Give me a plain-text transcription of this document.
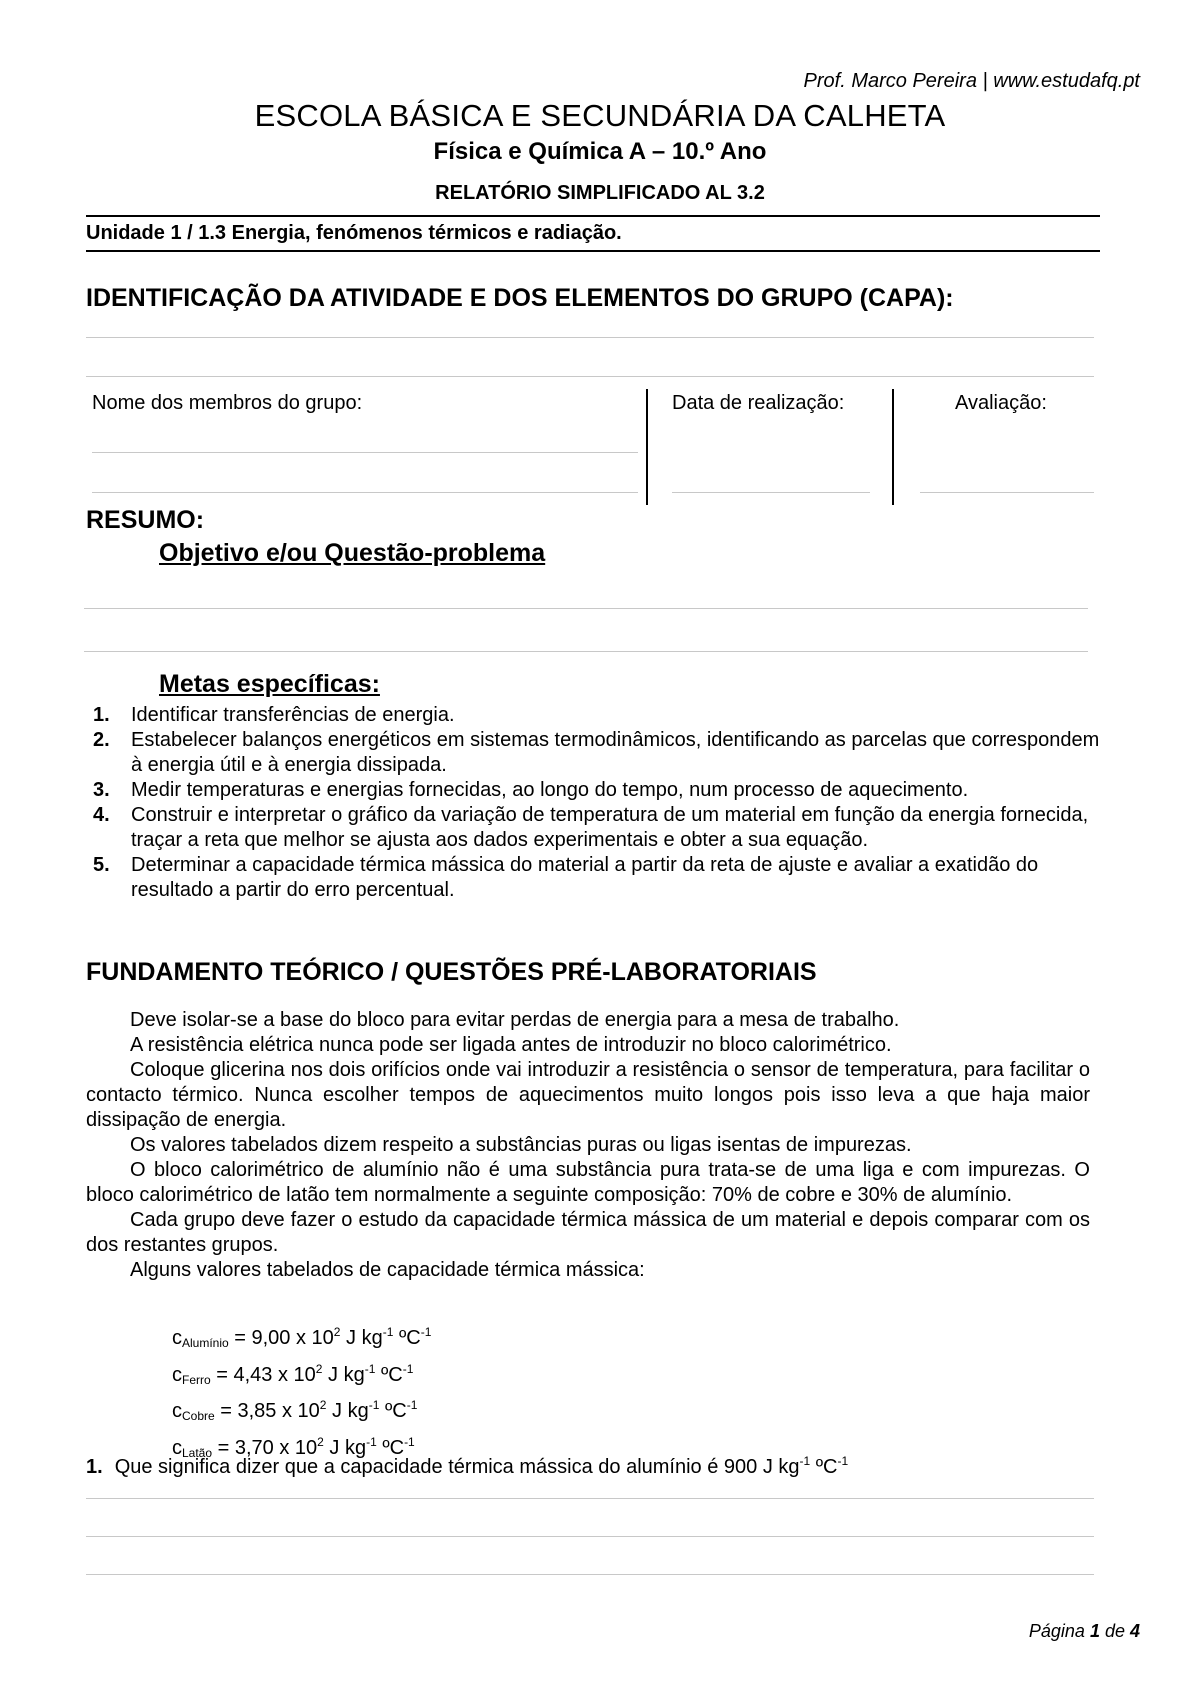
Prof. Marco Pereira | www.estudafq.pt
ESCOLA BÁSICA E SECUNDÁRIA DA CALHETA
Física e Química A – 10.º Ano
RELATÓRIO SIMPLIFICADO AL 3.2
Unidade 1 / 1.3 Energia, fenómenos térmicos e radiação.
IDENTIFICAÇÃO DA ATIVIDADE E DOS ELEMENTOS DO GRUPO (CAPA):
Nome dos membros do grupo:	Data de realização:	Avaliação:
RESUMO:
Objetivo e/ou Questão-problema
Metas específicas:
1. Identificar transferências de energia.
2. Estabelecer balanços energéticos em sistemas termodinâmicos, identificando as parcelas que correspondem à energia útil e à energia dissipada.
3. Medir temperaturas e energias fornecidas, ao longo do tempo, num processo de aquecimento.
4. Construir e interpretar o gráfico da variação de temperatura de um material em função da energia fornecida, traçar a reta que melhor se ajusta aos dados experimentais e obter a sua equação.
5. Determinar a capacidade térmica mássica do material a partir da reta de ajuste e avaliar a exatidão do resultado a partir do erro percentual.
FUNDAMENTO TEÓRICO / QUESTÕES PRÉ-LABORATORIAIS

Deve isolar-se a base do bloco para evitar perdas de energia para a mesa de trabalho.

A resistência elétrica nunca pode ser ligada antes de introduzir no bloco calorimétrico.

Coloque glicerina nos dois orifícios onde vai introduzir a resistência o sensor de temperatura, para facilitar o contacto térmico. Nunca escolher tempos de aquecimentos muito longos pois isso leva a que haja maior dissipação de energia.

Os valores tabelados dizem respeito a substâncias puras ou ligas isentas de impurezas.

O bloco calorimétrico de alumínio não é uma substância pura trata-se de uma liga e com impurezas. O bloco calorimétrico de latão tem normalmente a seguinte composição: 70% de cobre e 30% de alumínio.

Cada grupo deve fazer o estudo da capacidade térmica mássica de um material e depois comparar com os dos restantes grupos.

Alguns valores tabelados de capacidade térmica mássica:

$c_{Alumínio} = 9,00$ x $10^2$ J $kg^{-1}$ ºC$^{-1}$
$c_{Ferro} = 4,43$ x $10^2$ J $kg^{-1}$ ºC$^{-1}$
$c_{Cobre} = 3,85$ x $10^2$ J $kg^{-1}$ ºC$^{-1}$
$c_{Latão} = 3,70$ x $10^2$ J $kg^{-1}$ ºC$^{-1}$
1. Que significa dizer que a capacidade térmica mássica do alumínio é 900 J $kg^{-1}$ ºC$^{-1}$
Página 1 de 4
